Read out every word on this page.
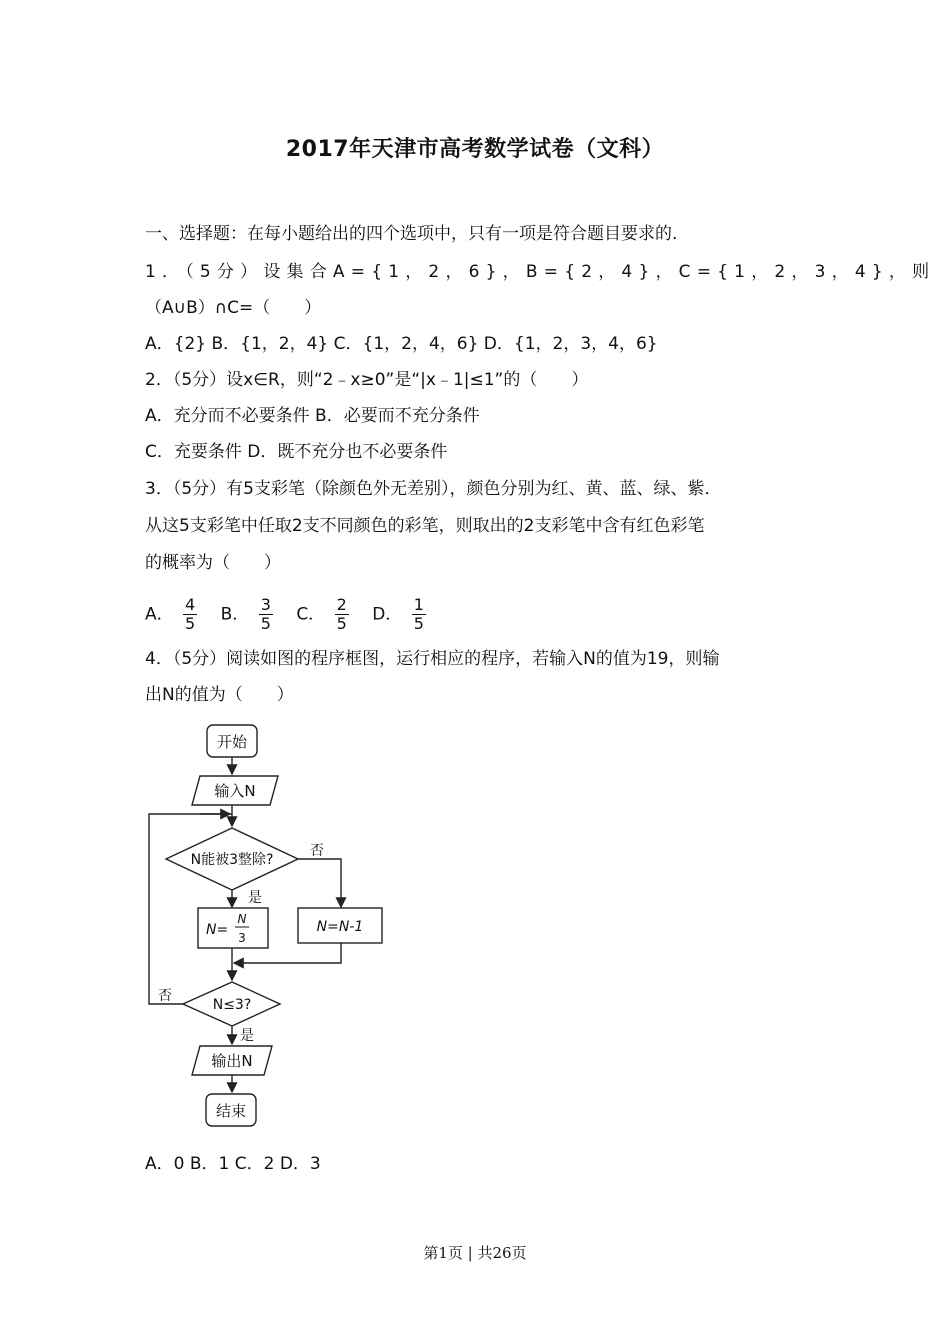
2017年天津市高考数学试卷（文科）
一、选择题：在每小题给出的四个选项中，只有一项是符合题目要求的.
1．（5分）设集合A={1，2，6}，B={2，4}，C={1，2，3，4}，则
（A∪B）∩C=（　　）
A．{2} B．{1，2，4} C．{1，2，4，6} D．{1，2，3，4，6}
2．（5分）设x∈R，则“2﹣x≥0”是“|x﹣1|≤1”的（　　）
A．充分而不必要条件 B．必要而不充分条件
C．充要条件 D．既不充分也不必要条件
3．（5分）有5支彩笔（除颜色外无差别），颜色分别为红、黄、蓝、绿、紫．
从这5支彩笔中任取2支不同颜色的彩笔，则取出的2支彩笔中含有红色彩笔
的概率为（　　）
A． $\frac{4}{5}$ B． $\frac{3}{5}$ C． $\frac{2}{5}$ D． $\frac{1}{5}$
4．（5分）阅读如图的程序框图，运行相应的程序，若输入N的值为19，则输
出N的值为（　　）
开始
输入N
N能被3整除?
是
否
N=
N
3
N=N-1
N≤3?
否
是
输出N
结束
A．0 B．1 C．2 D．3
第1页 | 共26页
